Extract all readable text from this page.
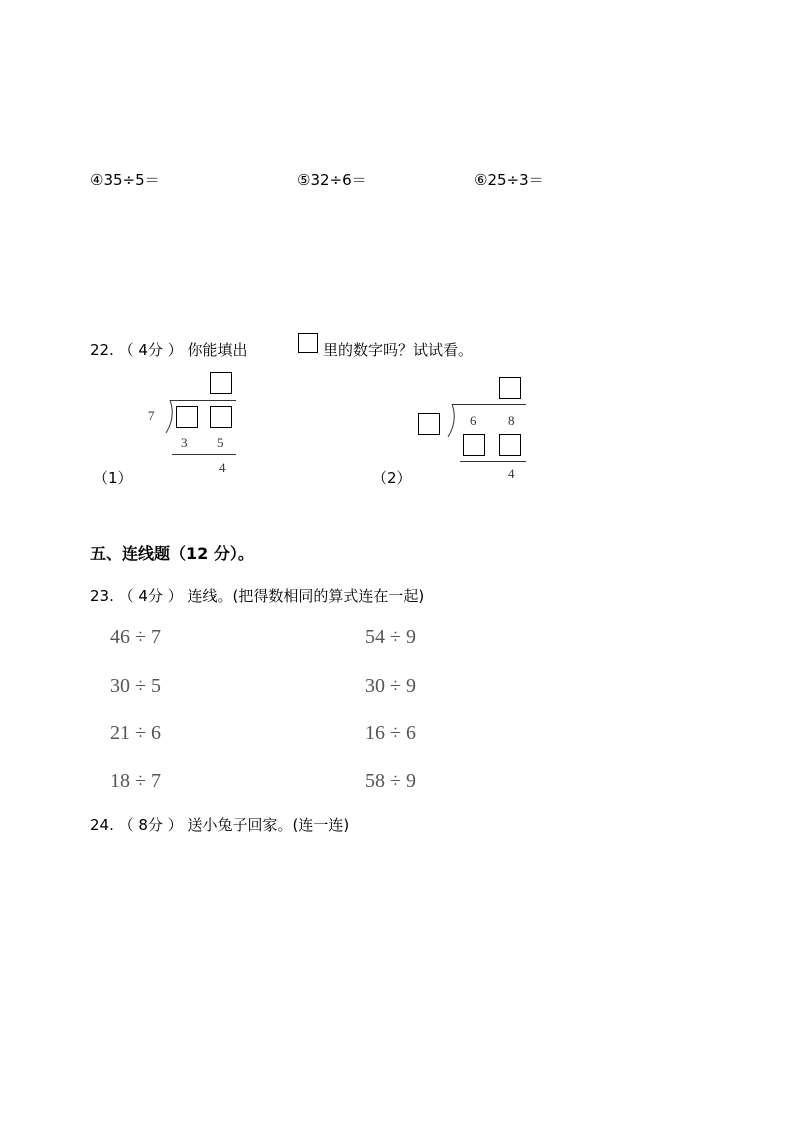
④35÷5＝	⑤32÷6＝	⑥25÷3＝
22. （ 4分 ） 你能填出	里的数字吗？试试看。
7
3 5
4
（1）
6 8
4
（2）
五、连线题（12 分）。
23. （ 4分 ） 连线。(把得数相同的算式连在一起)
46 ÷ 7
30 ÷ 5
21 ÷ 6
18 ÷ 7
54 ÷ 9
30 ÷ 9
16 ÷ 6
58 ÷ 9
24. （ 8分 ） 送小兔子回家。(连一连)
